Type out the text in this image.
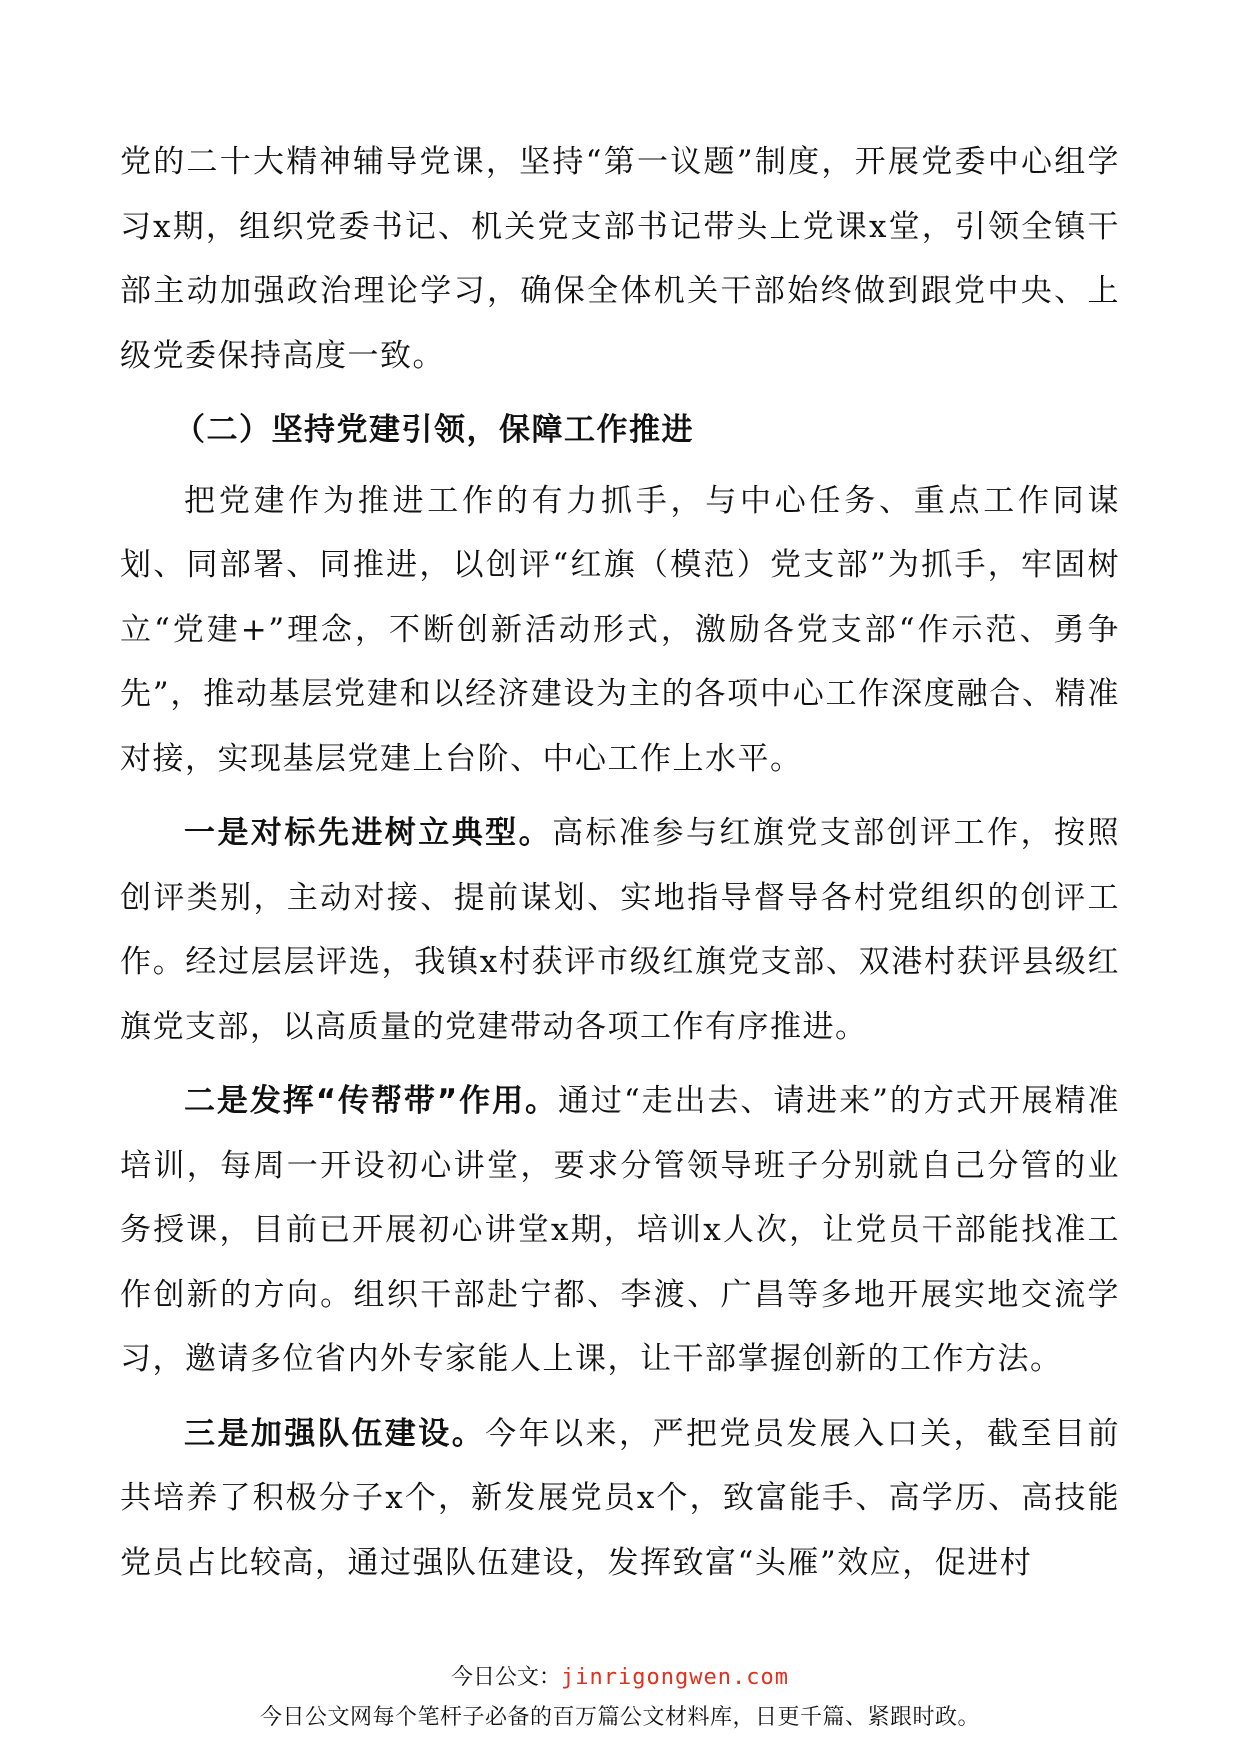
党的二十大精神辅导党课，坚持“第一议题”制度，开展党委中心组学习x期，组织党委书记、机关党支部书记带头上党课x堂，引领全镇干部主动加强政治理论学习，确保全体机关干部始终做到跟党中央、上级党委保持高度一致。

（二）坚持党建引领，保障工作推进

把党建作为推进工作的有力抓手，与中心任务、重点工作同谋划、同部署、同推进，以创评“红旗（模范）党支部”为抓手，牢固树立“党建+”理念，不断创新活动形式，激励各党支部“作示范、勇争先”，推动基层党建和以经济建设为主的各项中心工作深度融合、精准对接，实现基层党建上台阶、中心工作上水平。

一是对标先进树立典型。高标准参与红旗党支部创评工作，按照创评类别，主动对接、提前谋划、实地指导督导各村党组织的创评工作。经过层层评选，我镇x村获评市级红旗党支部、双港村获评县级红旗党支部，以高质量的党建带动各项工作有序推进。

二是发挥“传帮带”作用。通过“走出去、请进来”的方式开展精准培训，每周一开设初心讲堂，要求分管领导班子分别就自己分管的业务授课，目前已开展初心讲堂x期，培训x人次，让党员干部能找准工作创新的方向。组织干部赴宁都、李渡、广昌等多地开展实地交流学习，邀请多位省内外专家能人上课，让干部掌握创新的工作方法。

三是加强队伍建设。今年以来，严把党员发展入口关，截至目前共培养了积极分子x个，新发展党员x个，致富能手、高学历、高技能党员占比较高，通过强队伍建设，发挥致富“头雁”效应，促进村

今日公文：jinrigongwen.com
今日公文网每个笔杆子必备的百万篇公文材料库，日更千篇、紧跟时政。
